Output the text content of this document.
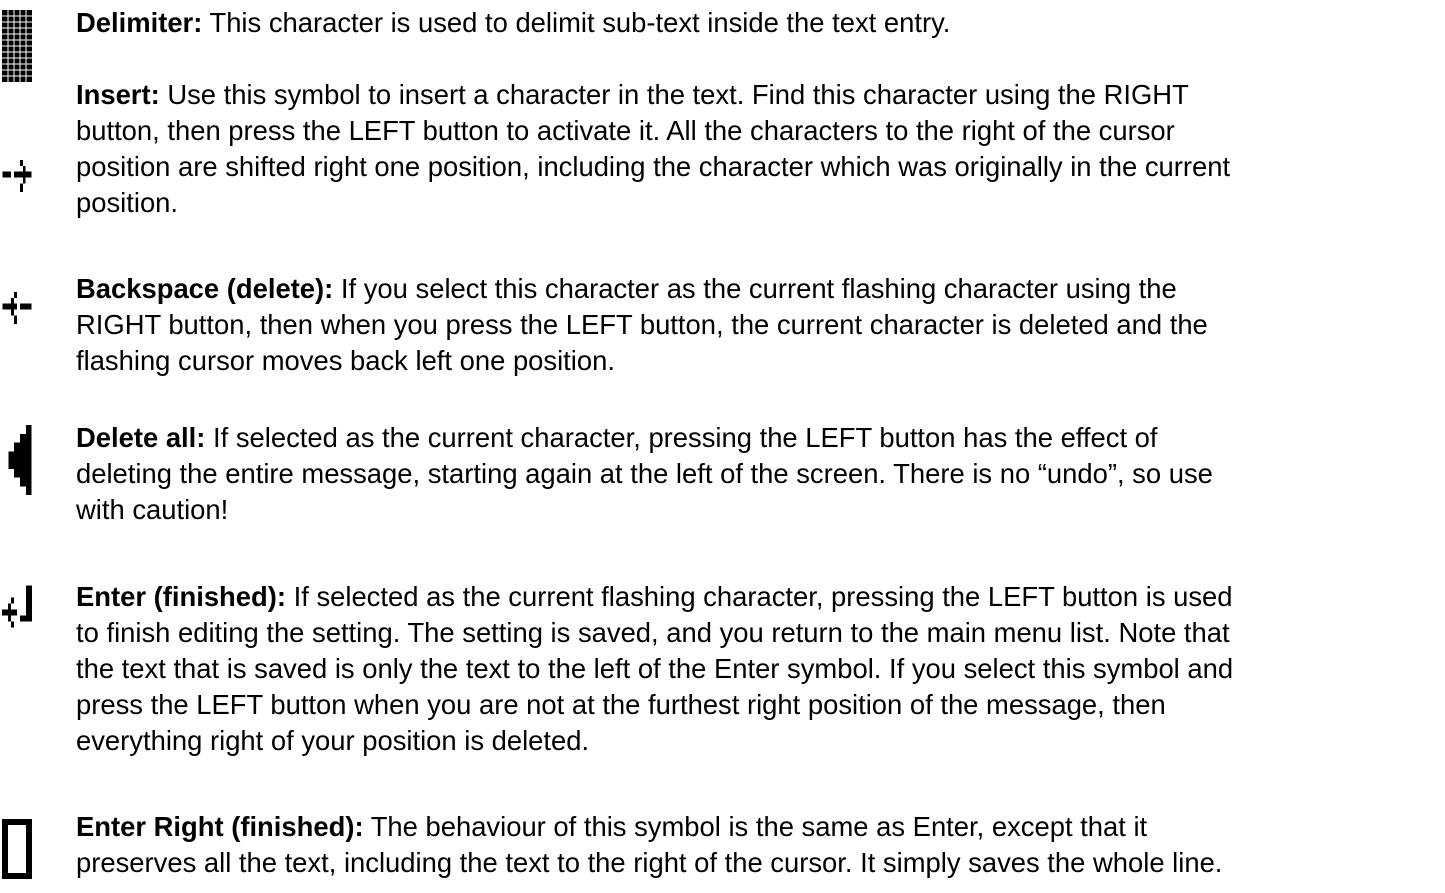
Delimiter: This character is used to delimit sub-text inside the text entry.

Insert: Use this symbol to insert a character in the text. Find this character using the RIGHT
button, then press the LEFT button to activate it. All the characters to the right of the cursor
position are shifted right one position, including the character which was originally in the current
position.

Backspace (delete): If you select this character as the current flashing character using the
RIGHT button, then when you press the LEFT button, the current character is deleted and the
flashing cursor moves back left one position.

Delete all: If selected as the current character, pressing the LEFT button has the effect of
deleting the entire message, starting again at the left of the screen. There is no “undo”, so use
with caution!

Enter (finished): If selected as the current flashing character, pressing the LEFT button is used
to finish editing the setting. The setting is saved, and you return to the main menu list. Note that
the text that is saved is only the text to the left of the Enter symbol. If you select this symbol and
press the LEFT button when you are not at the furthest right position of the message, then
everything right of your position is deleted.

Enter Right (finished): The behaviour of this symbol is the same as Enter, except that it
preserves all the text, including the text to the right of the cursor. It simply saves the whole line.
